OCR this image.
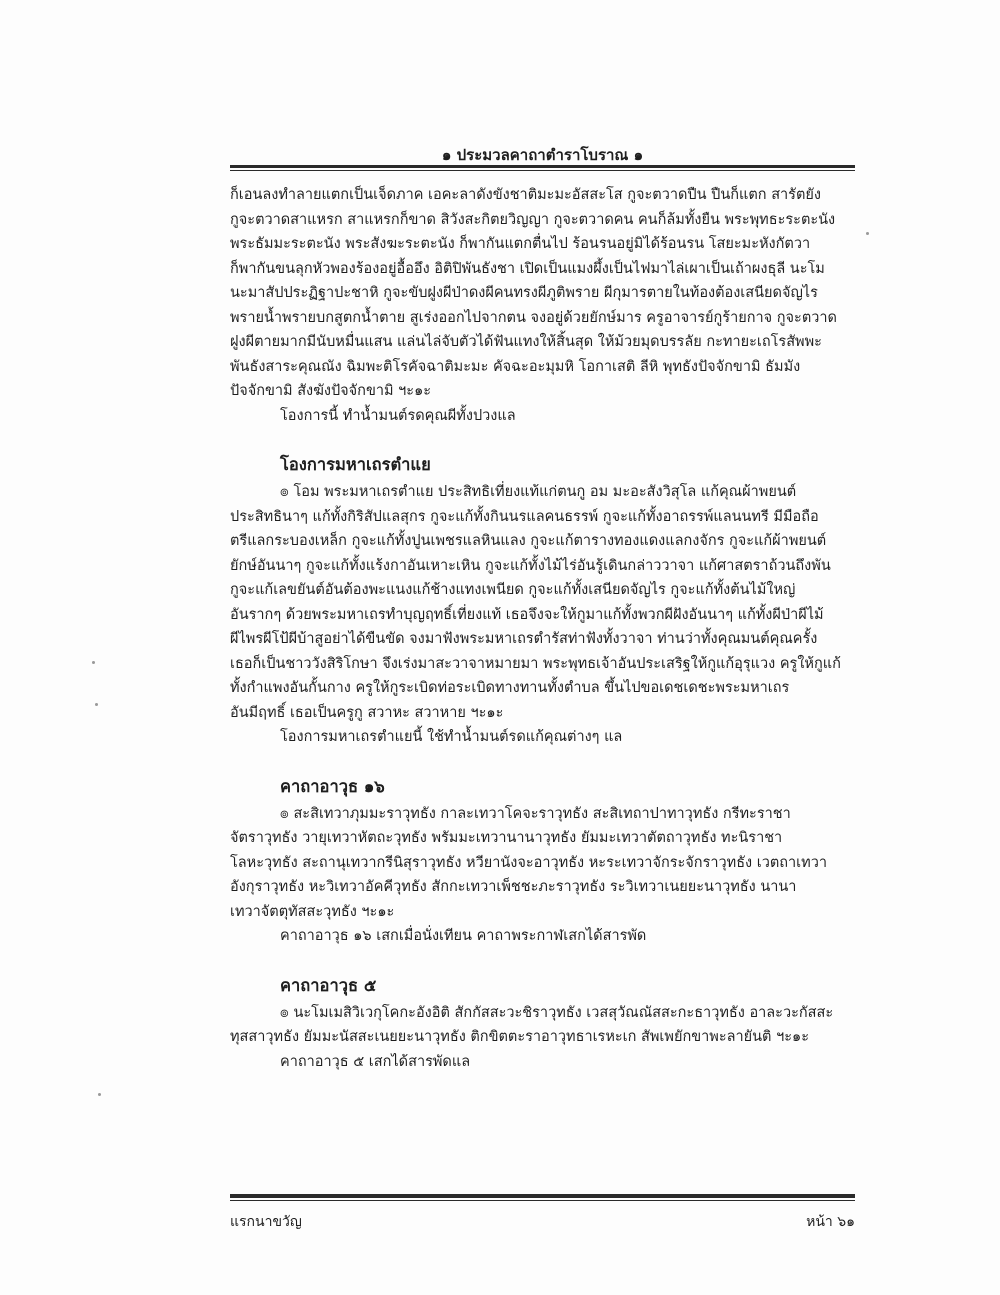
๑ ประมวลคาถาตำราโบราณ ๑
ก็เอนลงทำลายแตกเป็นเจ็ดภาค เอคะลาดังขังชาติมะมะอัสสะโส กูจะตวาดปืน ปืนก็แตก สารัตยัง
กูจะตวาดสาแหรก สาแหรกก็ขาด สิวังสะกิตยวิญญา กูจะตวาดคน คนก็ล้มทั้งยืน พระพุทธะระตะนัง
พระธัมมะระตะนัง พระสังฆะระตะนัง ก็พากันแตกตื่นไป ร้อนรนอยู่มิได้ร้อนรน โสยะมะหังกัตวา
ก็พากันขนลุกหัวพองร้องอยู่อื้ออึง อิติปิพันธังชา เปิดเป็นแมงผึ้งเป็นไฟมาไล่เผาเป็นเถ้าผงธุลี นะโม
นะมาสัปประฏิฐาปะชาหิ กูจะขับฝูงผีป่าดงผีคนทรงผีภูติพราย ผีกุมารตายในท้องต้องเสนียดจัญไร
พรายน้ำพรายบกสูตกน้ำตาย สูเร่งออกไปจากตน จงอยู่ด้วยยักษ์มาร ครูอาจารย์กูร้ายกาจ กูจะตวาด
ฝูงผีตายมากมีนับหมื่นแสน แล่นไล่จับตัวได้ฟันแทงให้สิ้นสุด ให้ม้วยมุดบรรลัย กะทายะเถโรสัพพะ
พันธังสาระคุณณัง ฉิมพะติโรคัจฉาติมะมะ คัจฉะอะมุมหิ โอกาเสติ ลีหิ พุทธังปัจจักขามิ ธัมมัง
ปัจจักขามิ สังฆังปัจจักขามิ ฯะ๑ะ
โองการนี้ ทำน้ำมนต์รดคุณผีทั้งปวงแล
โองการมหาเถรตำแย
๏ โอม พระมหาเถรตำแย ประสิทธิเที่ยงแท้แก่ตนกู อม มะอะสังวิสุโล แก้คุณผ้าพยนต์
ประสิทธินาๆ แก้ทั้งกิริสัปแลสุกร กูจะแก้ทั้งกินนรแลคนธรรพ์ กูจะแก้ทั้งอาถรรพ์แลนนทรี มีมือถือ
ตรีแลกระบองเหล็ก กูจะแก้ทั้งปูนเพชรแลหินแลง กูจะแก้ตารางทองแดงแลกงจักร กูจะแก้ผ้าพยนต์
ยักษ์อันนาๆ กูจะแก้ทั้งแร้งกาอันเหาะเหิน กูจะแก้ทั้งไม้ไร่อันรู้เดินกล่าววาจา แก้ศาสตราถ้วนถึงพัน
กูจะแก้เลขยันต์อันต้องพะแนงแก้ช้างแทงเพนียด กูจะแก้ทั้งเสนียดจัญไร กูจะแก้ทั้งต้นไม้ใหญ่
อันรากๆ ด้วยพระมหาเถรทำบุญฤทธิ์เที่ยงแท้ เธอจึงจะให้กูมาแก้ทั้งพวกผีฝังอันนาๆ แก้ทั้งผีป่าผีไม้
ผีไพรผีโป้ผีบ้าสูอย่าได้ขืนขัด จงมาฟังพระมหาเถรตำรัสท่าฟังทั้งวาจา ท่านว่าทั้งคุณมนต์คุณครั้ง
เธอก็เป็นชาววังสิริโกษา จึงเร่งมาสะวาจาหมายมา พระพุทธเจ้าอันประเสริฐให้กูแก้อุรุแวง ครูให้กูแก้
ทั้งกำแพงอันกั้นกาง ครูให้กูระเบิดท่อระเบิดทางทานทั้งตำบล ขึ้นไปขอเดชเดชะพระมหาเถร
อันมีฤทธิ์ เธอเป็นครูกู สวาหะ สวาหาย ฯะ๑ะ
โองการมหาเถรตำแยนี้ ใช้ทำน้ำมนต์รดแก้คุณต่างๆ แล
คาถาอาวุธ ๑๖
๏ สะสิเทวาภุมมะราวุทธัง กาละเทวาโคจะราวุทธัง สะสิเทถาปาทาวุทธัง กรีทะราชา
จัตราวุทธัง วายุเทวาหัตถะวุทธัง พรัมมะเทวานานาวุทธัง ยัมมะเทวาตัตถาวุทธัง ทะนิราชา
โลหะวุทธัง สะถานุเทวากรีนิสุราวุทธัง หวียานังจะอาวุทธัง หะระเทวาจักระจักราวุทธัง เวตถาเทวา
อังกุราวุทธัง หะวิเทวาอัคคีวุทธัง สักกะเทวาเพ็ชชะภะราวุทธัง ระวิเทวาเนยยะนาวุทธัง นานา
เทวาจัตตุทัสสะวุทธัง ฯะ๑ะ
คาถาอาวุธ ๑๖ เสกเมื่อนั่งเทียน คาถาพระกาฬเสกได้สารพัด
คาถาอาวุธ ๕
๏ นะโมเมสิวิเวกุโคกะอังอิติ สักกัสสะวะชิราวุทธัง เวสสุวัณณัสสะกะธาวุทธัง อาละวะกัสสะ
ทุสสาวุทธัง ยัมมะนัสสะเนยยะนาวุทธัง ติกขิตตะราอาวุทธาเรหะเก สัพเพยักขาพะลายันติ ฯะ๑ะ
คาถาอาวุธ ๕ เสกได้สารพัดแล
แรกนาขวัญ	หน้า ๖๑
